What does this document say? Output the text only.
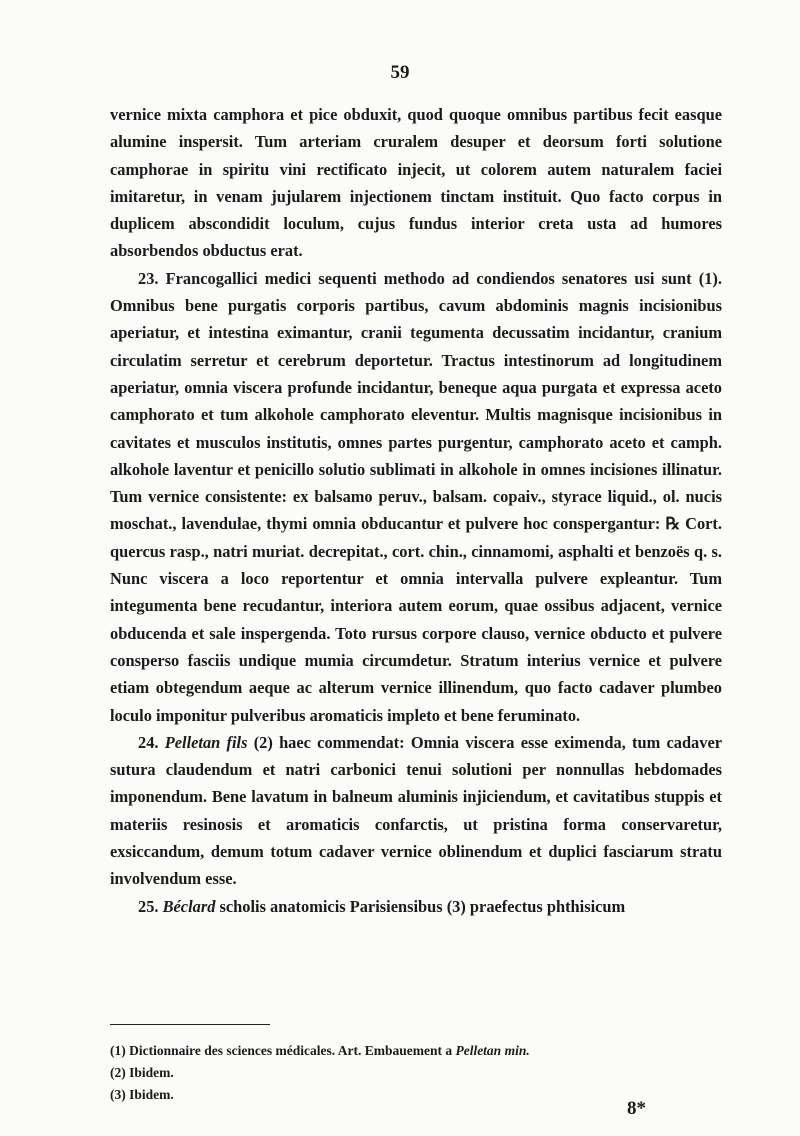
59

vernice mixta camphora et pice obduxit, quod quoque omnibus partibus fecit easque alumine inspersit. Tum arteriam cruralem desuper et deorsum forti solutione camphorae in spiritu vini rectificato injecit, ut colorem autem naturalem faciei imitaretur, in venam jujularem injectionem tinctam instituit. Quo facto corpus in duplicem abscondidit loculum, cujus fundus interior creta usta ad humores absorbendos obductus erat.

23. Francogallici medici sequenti methodo ad condiendos senatores usi sunt (1). Omnibus bene purgatis corporis partibus, cavum abdominis magnis incisionibus aperiatur, et intestina eximantur, cranii tegumenta decussatim incidantur, cranium circulatim serretur et cerebrum deportetur. Tractus intestinorum ad longitudinem aperiatur, omnia viscera profunde incidantur, beneque aqua purgata et expressa aceto camphorato et tum alkohole camphorato eleventur. Multis magnisque incisionibus in cavitates et musculos institutis, omnes partes purgentur, camphorato aceto et camph. alkohole laventur et penicillo solutio sublimati in alkohole in omnes incisiones illinatur. Tum vernice consistente: ex balsamo peruv., balsam. copaiv., styrace liquid., ol. nucis moschat., lavendulae, thymi omnia obducantur et pulvere hoc conspergantur: ℞ Cort. quercus rasp., natri muriat. decrepitat., cort. chin., cinnamomi, asphalti et benzoës q. s. Nunc viscera a loco reportentur et omnia intervalla pulvere expleantur. Tum integumenta bene recudantur, interiora autem eorum, quae ossibus adjacent, vernice obducenda et sale inspergenda. Toto rursus corpore clauso, vernice obducto et pulvere consperso fasciis undique mumia circumdetur. Stratum interius vernice et pulvere etiam obtegendum aeque ac alterum vernice illinendum, quo facto cadaver plumbeo loculo imponitur pulveribus aromaticis impleto et bene feruminato.

24. Pelletan fils (2) haec commendat: Omnia viscera esse eximenda, tum cadaver sutura claudendum et natri carbonici tenui solutioni per nonnullas hebdomades imponendum. Bene lavatum in balneum aluminis injiciendum, et cavitatibus stuppis et materiis resinosis et aromaticis confarctis, ut pristina forma conservaretur, exsiccandum, demum totum cadaver vernice oblinendum et duplici fasciarum stratu involvendum esse.

25. Béclard scholis anatomicis Parisiensibus (3) praefectus phthisicum

(1) Dictionnaire des sciences médicales. Art. Embauement a Pelletan min.

(2) Ibidem.

(3) Ibidem.

8*
